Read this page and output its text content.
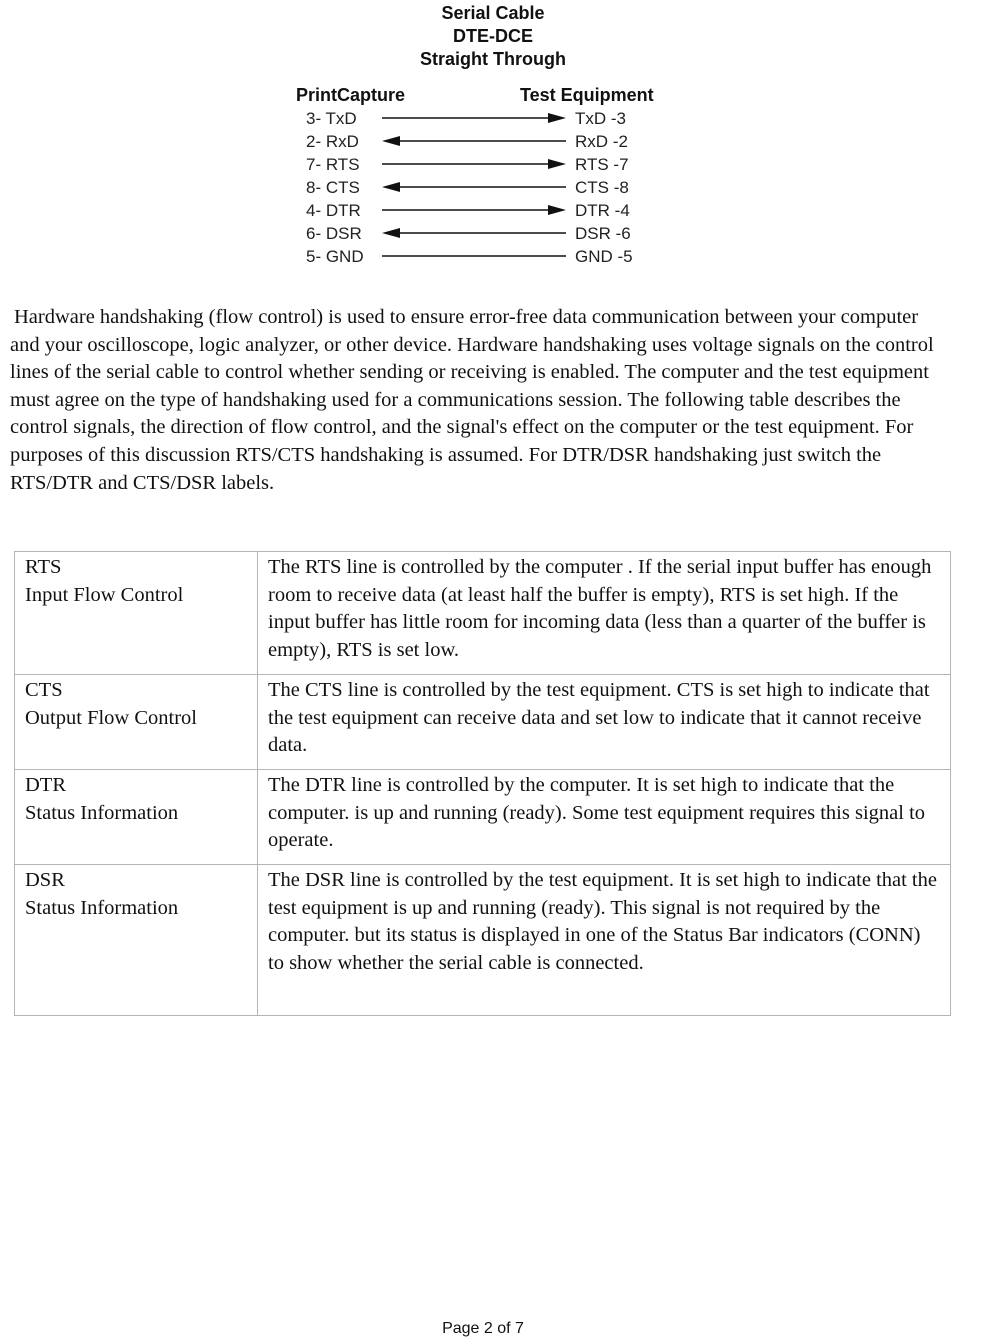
Serial Cable
DTE-DCE
Straight Through
PrintCapture	Test Equipment
3- TxD	TxD -3
2- RxD	RxD -2
7- RTS	RTS -7
8- CTS	CTS -8
4- DTR	DTR -4
6- DSR	DSR -6
5- GND	GND -5

Hardware handshaking (flow control) is used to ensure error-free data communication between your computer and your oscilloscope, logic analyzer, or other device. Hardware handshaking uses voltage signals on the control lines of the serial cable to control whether sending or receiving is enabled. The computer and the test equipment must agree on the type of handshaking used for a communications session. The following table describes the control signals, the direction of flow control, and the signal's effect on the computer or the test equipment. For purposes of this discussion RTS/CTS handshaking is assumed. For DTR/DSR handshaking just switch the RTS/DTR and CTS/DSR labels.

RTS
Input Flow Control	The RTS line is controlled by the computer . If the serial input buffer has enough room to receive data (at least half the buffer is empty), RTS is set high. If the input buffer has little room for incoming data (less than a quarter of the buffer is empty), RTS is set low.

CTS
Output Flow Control	The CTS line is controlled by the test equipment. CTS is set high to indicate that the test equipment can receive data and set low to indicate that it cannot receive data.

DTR
Status Information	The DTR line is controlled by the computer. It is set high to indicate that the computer. is up and running (ready). Some test equipment requires this signal to operate.

DSR
Status Information	The DSR line is controlled by the test equipment. It is set high to indicate that the test equipment is up and running (ready). This signal is not required by the computer. but its status is displayed in one of the Status Bar indicators (CONN) to show whether the serial cable is connected.
Page 2 of 7
